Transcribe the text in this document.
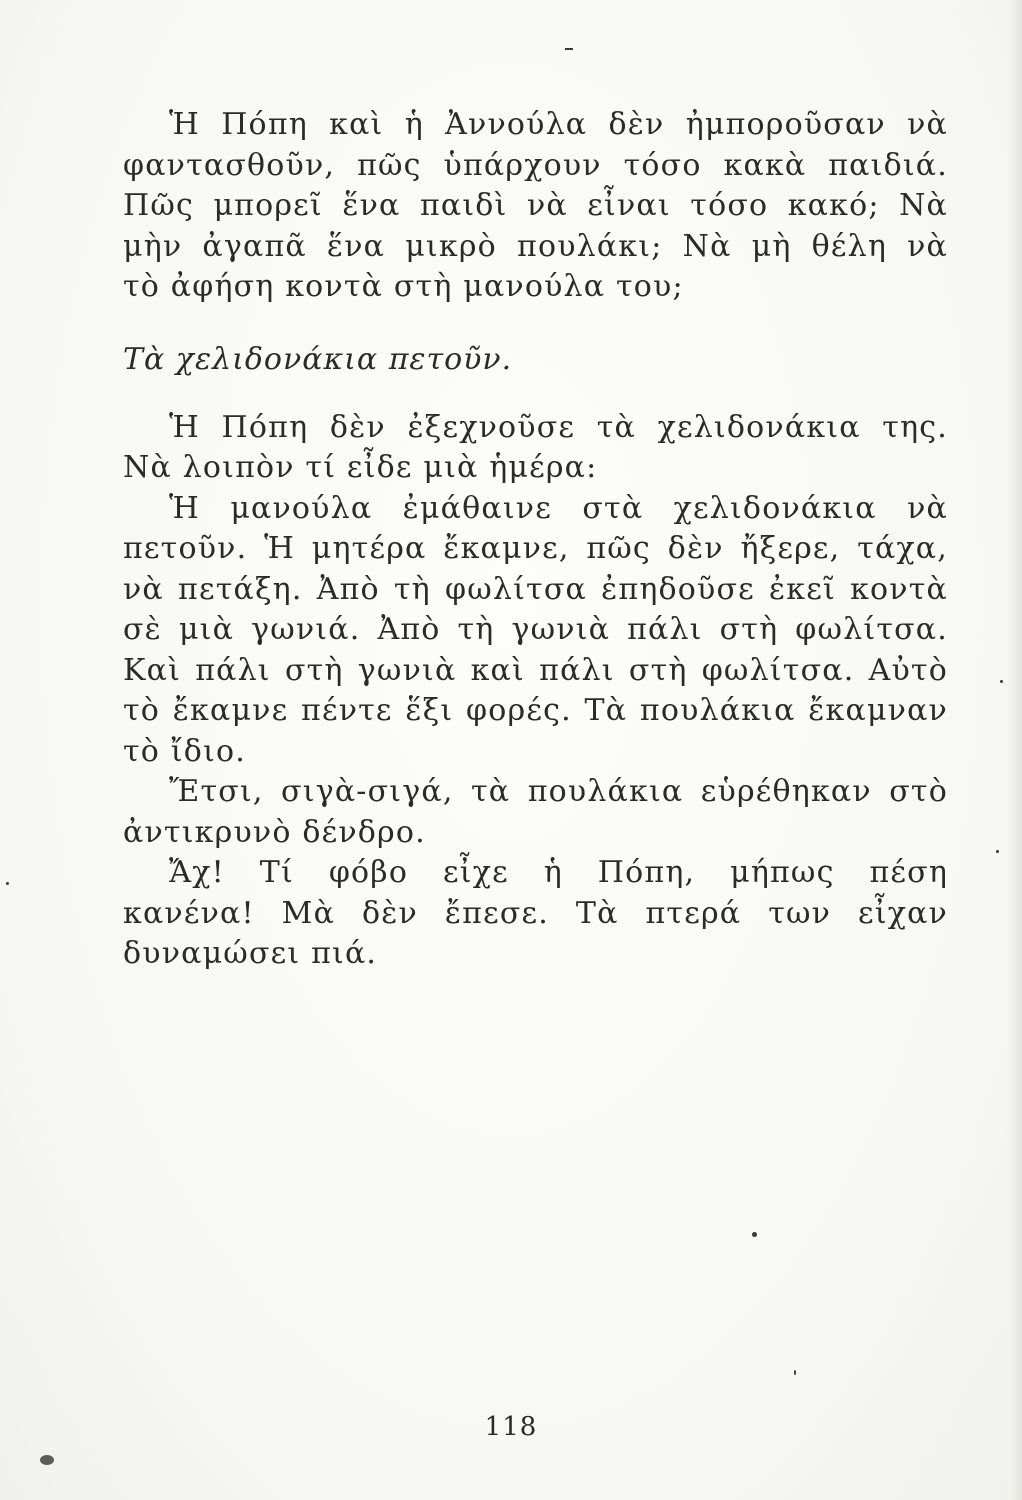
Ἡ Πόπη καὶ ἡ Ἀννούλα δὲν ἠμποροῦσαν νὰ
φαντασθοῦν, πῶς ὑπάρχουν τόσο κακὰ παιδιά.
Πῶς μπορεῖ ἕνα παιδὶ νὰ εἶναι τόσο κακό; Νὰ
μὴν ἀγαπᾶ ἕνα μικρὸ πουλάκι; Νὰ μὴ θέλη νὰ
τὸ ἀφήση κοντὰ στὴ μανούλα του;
Τὰ χελιδονάκια πετοῦν.
Ἡ Πόπη δὲν ἐξεχνοῦσε τὰ χελιδονάκια της.
Νὰ λοιπὸν τί εἶδε μιὰ ἡμέρα:
Ἡ μανούλα ἐμάθαινε στὰ χελιδονάκια νὰ
πετοῦν. Ἡ μητέρα ἔκαμνε, πῶς δὲν ἤξερε, τάχα,
νὰ πετάξη. Ἀπὸ τὴ φωλίτσα ἐπηδοῦσε ἐκεῖ κοντὰ
σὲ μιὰ γωνιά. Ἀπὸ τὴ γωνιὰ πάλι στὴ φωλίτσα.
Καὶ πάλι στὴ γωνιὰ καὶ πάλι στὴ φωλίτσα. Αὐτὸ
τὸ ἔκαμνε πέντε ἕξι φορές. Τὰ πουλάκια ἔκαμναν
τὸ ἴδιο.
Ἔτσι, σιγὰ-σιγά, τὰ πουλάκια εὑρέθηκαν στὸ
ἀντικρυνὸ δένδρο.
Ἄχ! Τί φόβο εἶχε ἡ Πόπη, μήπως πέση
κανένα! Μὰ δὲν ἔπεσε. Τὰ πτερά των εἶχαν
δυναμώσει πιά.
118
